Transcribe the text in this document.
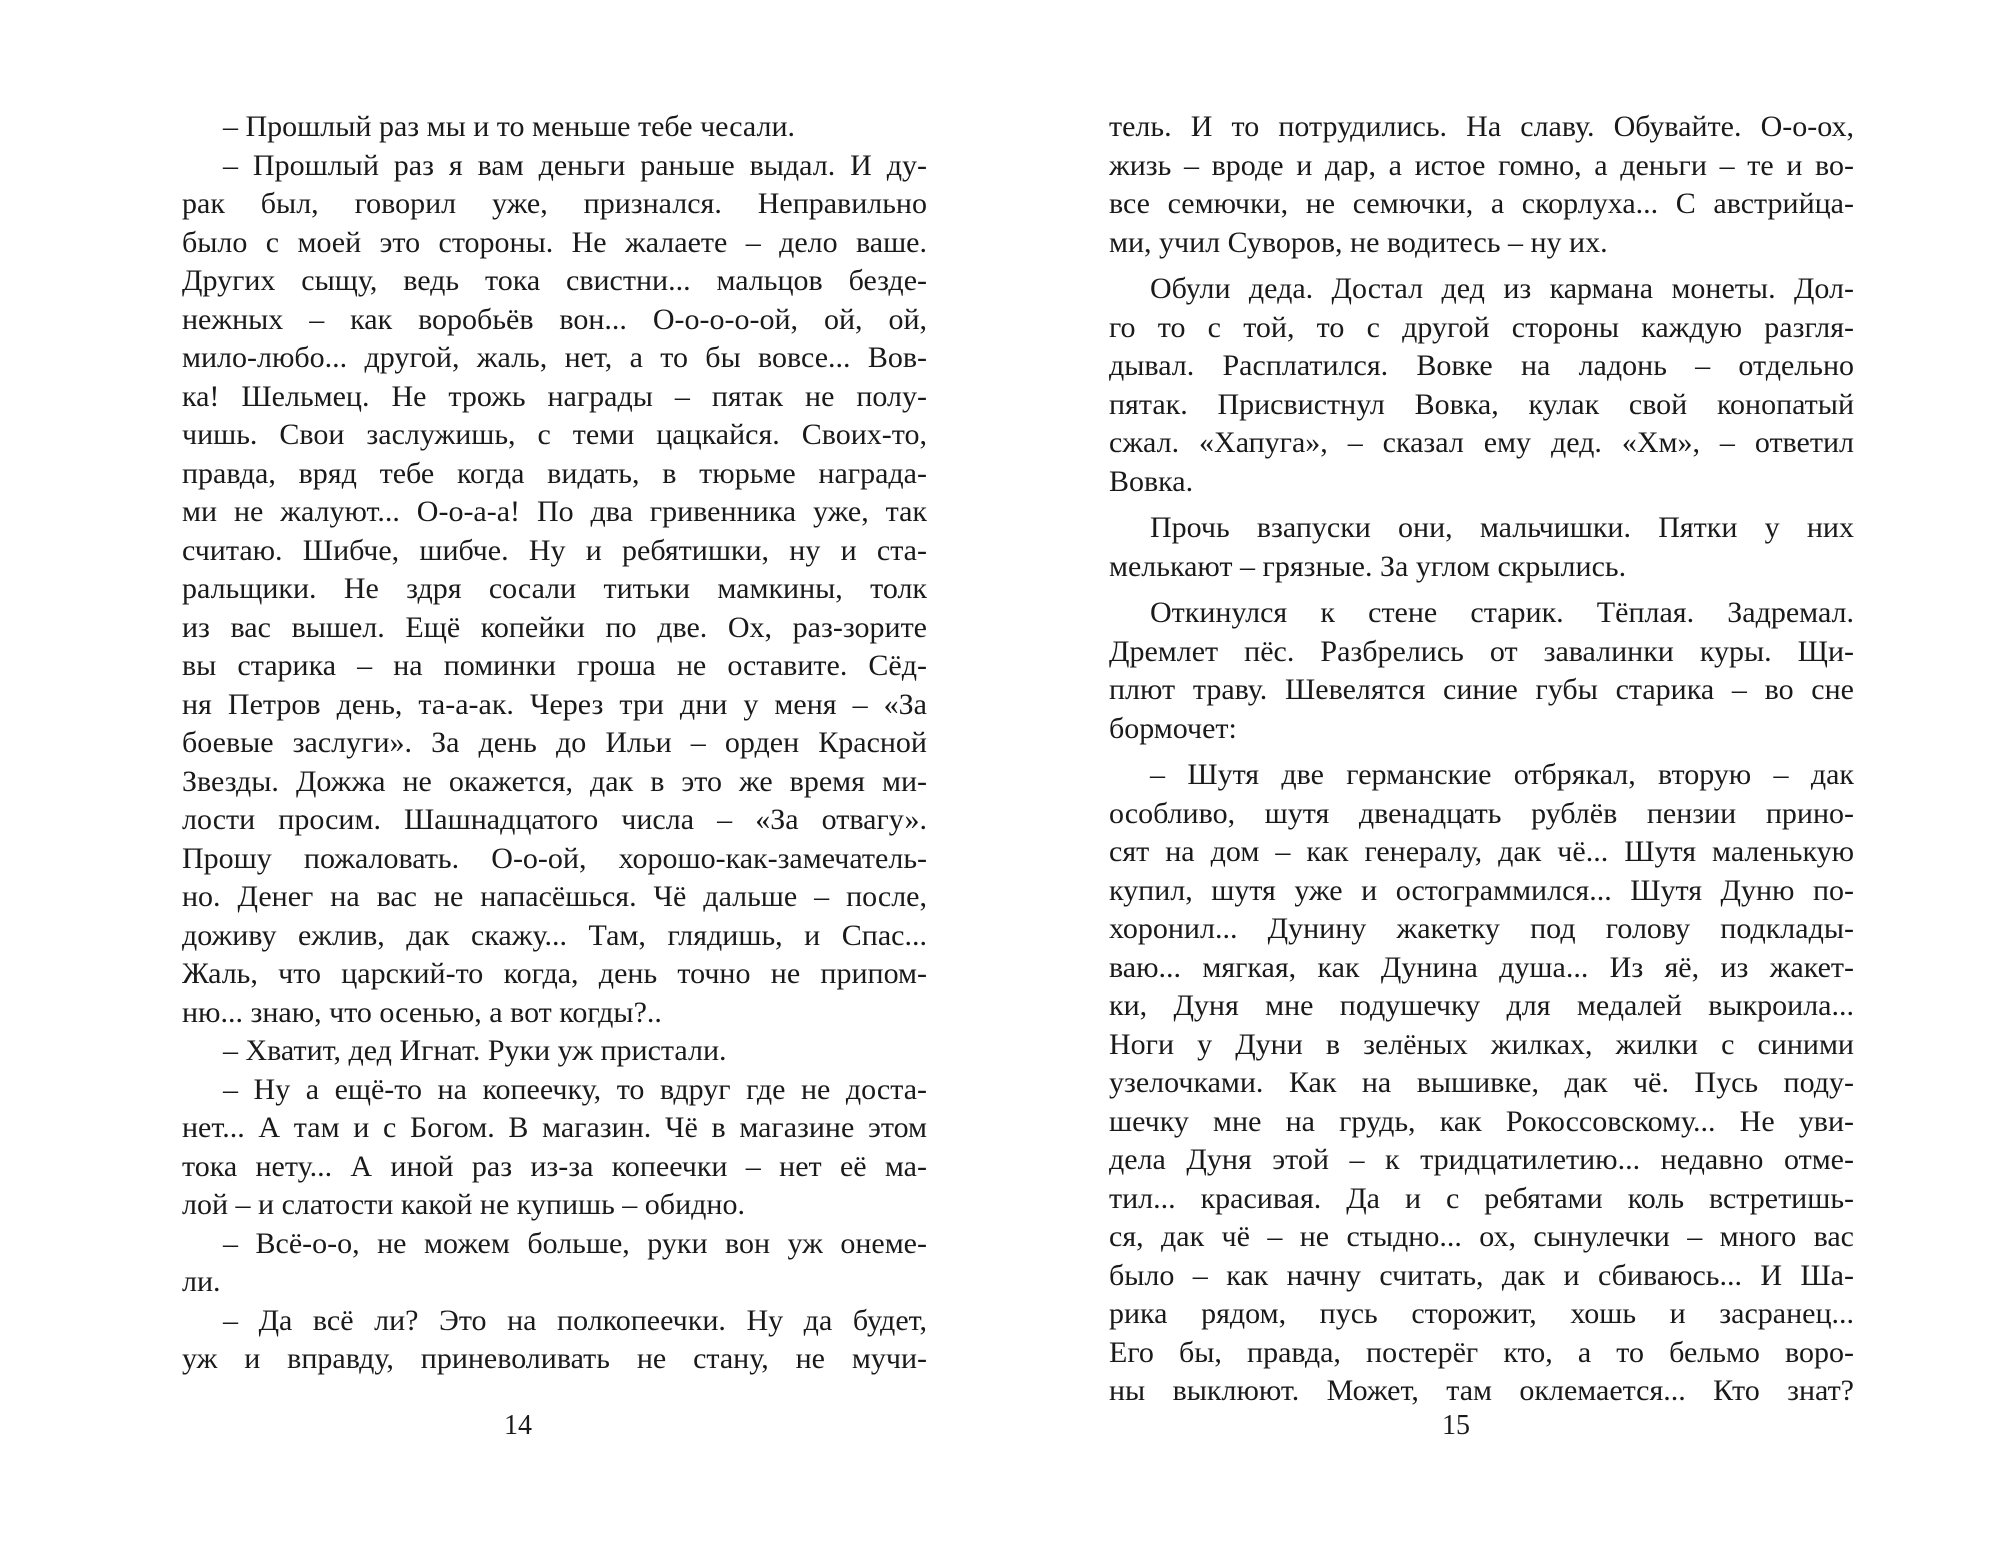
– Прошлый раз мы и то меньше тебе чесали.
– Прошлый раз я вам деньги раньше выдал. И ду-
рак был, говорил уже, признался. Неправильно
было с моей это стороны. Не жалаете – дело ваше.
Других сыщу, ведь тока свистни... мальцов безде-
нежных – как воробьёв вон... О-о-о-о-ой, ой, ой,
мило-любо... другой, жаль, нет, а то бы вовсе... Вов-
ка! Шельмец. Не трожь награды – пятак не полу-
чишь. Свои заслужишь, с теми цацкайся. Своих-то,
правда, вряд тебе когда видать, в тюрьме награда-
ми не жалуют... О-о-а-а! По два гривенника уже, так
считаю. Шибче, шибче. Ну и ребятишки, ну и ста-
ральщики. Не здря сосали титьки мамкины, толк
из вас вышел. Ещё копейки по две. Ох, раз-зорите
вы старика – на поминки гроша не оставите. Сёд-
ня Петров день, та-а-ак. Через три дни у меня – «За
боевые заслуги». За день до Ильи – орден Красной
Звезды. Дожжа не окажется, дак в это же время ми-
лости просим. Шашнадцатого числа – «За отвагу».
Прошу пожаловать. О-о-ой, хорошо-как-замечатель-
но. Денег на вас не напасёшься. Чё дальше – после,
доживу ежлив, дак скажу... Там, глядишь, и Спас...
Жаль, что царский-то когда, день точно не припом-
ню... знаю, что осенью, а вот когды?..
– Хватит, дед Игнат. Руки уж пристали.
– Ну а ещё-то на копеечку, то вдруг где не доста-
нет... А там и с Богом. В магазин. Чё в магазине этом
тока нету... А иной раз из-за копеечки – нет её ма-
лой – и слатости какой не купишь – обидно.
– Всё-о-о, не можем больше, руки вон уж онеме-
ли.
– Да всё ли? Это на полкопеечки. Ну да будет,
уж и вправду, приневоливать не стану, не мучи-
14
тель. И то потрудились. На славу. Обувайте. О-о-ох,
жизь – вроде и дар, а истое гомно, а деньги – те и во-
все семючки, не семючки, а скорлуха... С австрийца-
ми, учил Суворов, не водитесь – ну их.
Обули деда. Достал дед из кармана монеты. Дол-
го то с той, то с другой стороны каждую разгля-
дывал. Расплатился. Вовке на ладонь – отдельно
пятак. Присвистнул Вовка, кулак свой конопатый
сжал. «Хапуга», – сказал ему дед. «Хм», – ответил
Вовка.
Прочь взапуски они, мальчишки. Пятки у них
мелькают – грязные. За углом скрылись.
Откинулся к стене старик. Тёплая. Задремал.
Дремлет пёс. Разбрелись от завалинки куры. Щи-
плют траву. Шевелятся синие губы старика – во сне
бормочет:
– Шутя две германские отбрякал, вторую – дак
особливо, шутя двенадцать рублёв пензии прино-
сят на дом – как генералу, дак чё... Шутя маленькую
купил, шутя уже и остограммился... Шутя Дуню по-
хоронил... Дунину жакетку под голову подклады-
ваю... мягкая, как Дунина душа... Из яё, из жакет-
ки, Дуня мне подушечку для медалей выкроила...
Ноги у Дуни в зелёных жилках, жилки с синими
узелочками. Как на вышивке, дак чё. Пусь поду-
шечку мне на грудь, как Рокоссовскому... Не уви-
дела Дуня этой – к тридцатилетию... недавно отме-
тил... красивая. Да и с ребятами коль встретишь-
ся, дак чё – не стыдно... ох, сынулечки – много вас
было – как начну считать, дак и сбиваюсь... И Ша-
рика рядом, пусь сторожит, хошь и засранец...
Его бы, правда, постерёг кто, а то бельмо воро-
ны выклюют. Может, там оклемается... Кто знат?
15
